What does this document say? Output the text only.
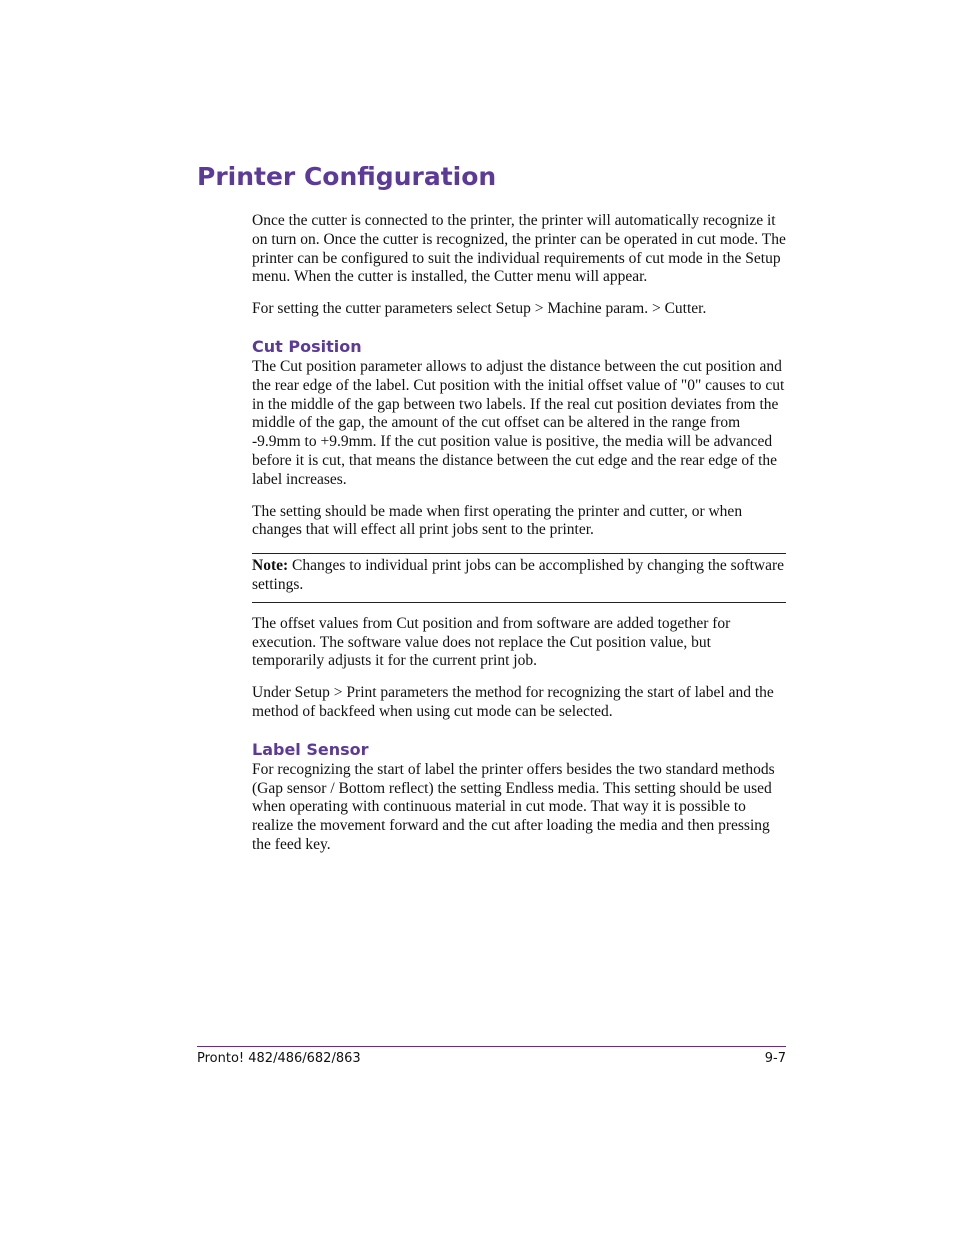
Printer Configuration

Once the cutter is connected to the printer, the printer will automatically recognize it on turn on. Once the cutter is recognized, the printer can be operated in cut mode. The printer can be configured to suit the individual requirements of cut mode in the Setup menu. When the cutter is installed, the Cutter menu will appear.

For setting the cutter parameters select Setup > Machine param. > Cutter.

Cut Position

The Cut position parameter allows to adjust the distance between the cut position and the rear edge of the label. Cut position with the initial offset value of "0" causes to cut in the middle of the gap between two labels. If the real cut position deviates from the middle of the gap, the amount of the cut offset can be altered in the range from -9.9mm to +9.9mm. If the cut position value is positive, the media will be advanced before it is cut, that means the distance between the cut edge and the rear edge of the label increases.

The setting should be made when first operating the printer and cutter, or when changes that will effect all print jobs sent to the printer.

Note: Changes to individual print jobs can be accomplished by changing the software settings.

The offset values from Cut position and from software are added together for execution. The software value does not replace the Cut position value, but temporarily adjusts it for the current print job.

Under Setup > Print parameters the method for recognizing the start of label and the method of backfeed when using cut mode can be selected.

Label Sensor

For recognizing the start of label the printer offers besides the two standard methods (Gap sensor / Bottom reflect) the setting Endless media. This setting should be used when operating with continuous material in cut mode. That way it is possible to realize the movement forward and the cut after loading the media and then pressing the feed key.

Pronto! 482/486/682/863	9-7
